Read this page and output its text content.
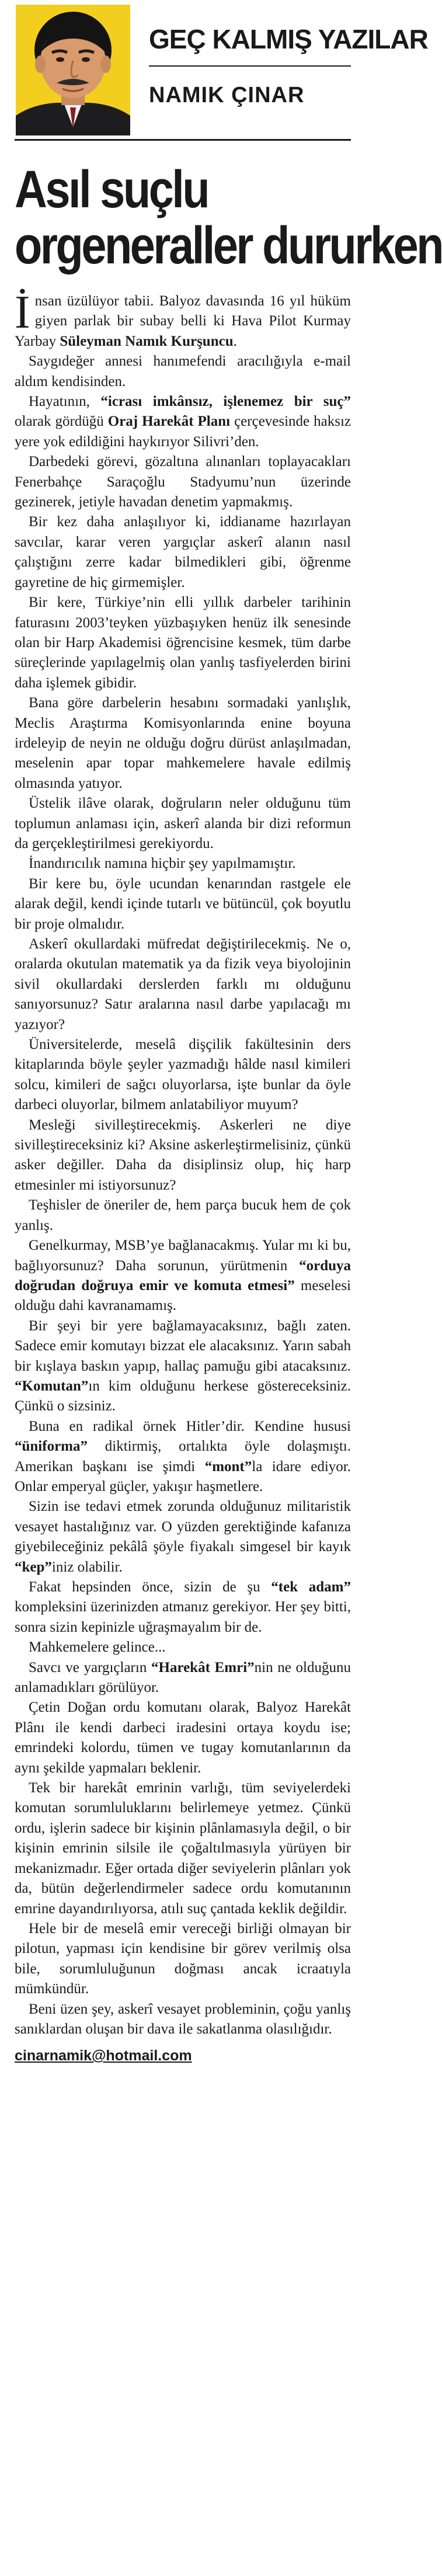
GEÇ KALMIŞ YAZILAR
NAMIK ÇINAR
Asıl suçlu
orgeneraller dururken

İnsan üzülüyor tabii. Balyoz davasında 16 yıl hüküm giyen parlak bir subay belli ki Hava Pilot Kurmay Yarbay Süleyman Namık Kurşuncu.

Saygıdeğer annesi hanımefendi aracılığıyla e-mail aldım kendisinden.

Hayatının, “icrası imkânsız, işlenemez bir suç” olarak gördüğü Oraj Harekât Planı çerçevesinde haksız yere yok edildiğini haykırıyor Silivri’den.

Darbedeki görevi, gözaltına alınanları toplayacakları Fenerbahçe Saraçoğlu Stadyumu’nun üzerinde gezinerek, jetiyle havadan denetim yapmakmış.

Bir kez daha anlaşılıyor ki, iddianame hazırlayan savcılar, karar veren yargıçlar askerî alanın nasıl çalıştığını zerre kadar bilmedikleri gibi, öğrenme gayretine de hiç girmemişler.

Bir kere, Türkiye’nin elli yıllık darbeler tarihinin faturasını 2003’teyken yüzbaşıyken henüz ilk senesinde olan bir Harp Akademisi öğrencisine kesmek, tüm darbe süreçlerinde yapılagelmiş olan yanlış tasfiyelerden birini daha işlemek gibidir.

Bana göre darbelerin hesabını sormadaki yanlışlık, Meclis Araştırma Komisyonlarında enine boyuna irdeleyip de neyin ne olduğu doğru dürüst anlaşılmadan, meselenin apar topar mahkemelere havale edilmiş olmasında yatıyor.

Üstelik ilâve olarak, doğruların neler olduğunu tüm toplumun anlaması için, askerî alanda bir dizi reformun da gerçekleştirilmesi gerekiyordu.

İnandırıcılık namına hiçbir şey yapılmamıştır.

Bir kere bu, öyle ucundan kenarından rastgele ele alarak değil, kendi içinde tutarlı ve bütüncül, çok boyutlu bir proje olmalıdır.

Askerî okullardaki müfredat değiştirilecekmiş. Ne o, oralarda okutulan matematik ya da fizik veya biyolojinin sivil okullardaki derslerden farklı mı olduğunu sanıyorsunuz? Satır aralarına nasıl darbe yapılacağı mı yazıyor?

Üniversitelerde, meselâ dişçilik fakültesinin ders kitaplarında böyle şeyler yazmadığı hâlde nasıl kimileri solcu, kimileri de sağcı oluyorlarsa, işte bunlar da öyle darbeci oluyorlar, bilmem anlatabiliyor muyum?

Mesleği sivilleştirecekmiş. Askerleri ne diye sivilleştireceksiniz ki? Aksine askerleştirmelisiniz, çünkü asker değiller. Daha da disiplinsiz olup, hiç harp etmesinler mi istiyorsunuz?

Teşhisler de öneriler de, hem parça bucuk hem de çok yanlış.

Genelkurmay, MSB’ye bağlanacakmış. Yular mı ki bu, bağlıyorsunuz? Daha sorunun, yürütmenin “orduya doğrudan doğruya emir ve komuta etmesi” meselesi olduğu dahi kavranamamış.

Bir şeyi bir yere bağlamayacaksınız, bağlı zaten. Sadece emir komutayı bizzat ele alacaksınız. Yarın sabah bir kışlaya baskın yapıp, hallaç pamuğu gibi atacaksınız. “Komutan”ın kim olduğunu herkese göstereceksiniz. Çünkü o sizsiniz.

Buna en radikal örnek Hitler’dir. Kendine hususi “üniforma” diktirmiş, ortalıkta öyle dolaşmıştı. Amerikan başkanı ise şimdi “mont”la idare ediyor. Onlar emperyal güçler, yakışır haşmetlere.

Sizin ise tedavi etmek zorunda olduğunuz militaristik vesayet hastalığınız var. O yüzden gerektiğinde kafanıza giyebileceğiniz pekâlâ şöyle fiyakalı simgesel bir kayık “kep”iniz olabilir.

Fakat hepsinden önce, sizin de şu “tek adam” kompleksini üzerinizden atmanız gerekiyor. Her şey bitti, sonra sizin kepinizle uğraşmayalım bir de.

Mahkemelere gelince...

Savcı ve yargıçların “Harekât Emri”nin ne olduğunu anlamadıkları görülüyor.

Çetin Doğan ordu komutanı olarak, Balyoz Harekât Plânı ile kendi darbeci iradesini ortaya koydu ise; emrindeki kolordu, tümen ve tugay komutanlarının da aynı şekilde yapmaları beklenir.

Tek bir harekât emrinin varlığı, tüm seviyelerdeki komutan sorumluluklarını belirlemeye yetmez. Çünkü ordu, işlerin sadece bir kişinin plânlamasıyla değil, o bir kişinin emrinin silsile ile çoğaltılmasıyla yürüyen bir mekanizmadır. Eğer ortada diğer seviyelerin plânları yok da, bütün değerlendirmeler sadece ordu komutanının emrine dayandırılıyorsa, atılı suç çantada keklik değildir.

Hele bir de meselâ emir vereceği birliği olmayan bir pilotun, yapması için kendisine bir görev verilmiş olsa bile, sorumluluğunun doğması ancak icraatıyla mümkündür.

Beni üzen şey, askerî vesayet probleminin, çoğu yanlış sanıklardan oluşan bir dava ile sakatlanma olasılığıdır.

cinarnamik@hotmail.com
